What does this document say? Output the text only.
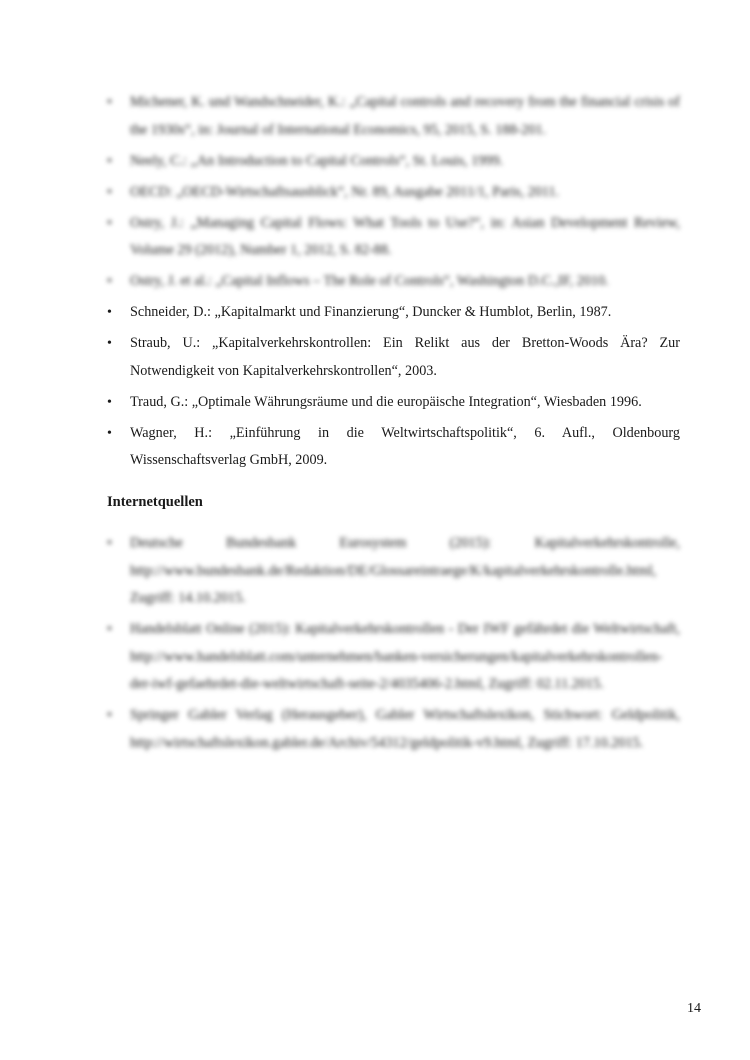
• Michener, K. und Wandschneider, K.: „Capital controls and recovery from the financial crisis of the 1930s“, in: Journal of International Economics, 95, 2015, S. 188-201.
• Neely, C.: „An Introduction to Capital Controls“, St. Louis, 1999.
• OECD: „OECD-Wirtschaftsausblick“, Nr. 89, Ausgabe 2011/1, Paris, 2011.
• Ostry, J.: „Managing Capital Flows: What Tools to Use?“, in: Asian Development Review, Volume 29 (2012), Number 1, 2012, S. 82-88.
• Ostry, J. et al.: „Capital Inflows – The Role of Controls“, Washington D.C.,IF, 2010.
• Schneider, D.: „Kapitalmarkt und Finanzierung“, Duncker & Humblot, Berlin, 1987.
• Straub, U.: „Kapitalverkehrskontrollen: Ein Relikt aus der Bretton-Woods Ära? Zur Notwendigkeit von Kapitalverkehrskontrollen“, 2003.
• Traud, G.: „Optimale Währungsräume und die europäische Integration“, Wiesbaden 1996.
• Wagner, H.: „Einführung in die Weltwirtschaftspolitik“, 6. Aufl., Oldenbourg Wissenschaftsverlag GmbH, 2009.
Internetquellen
• Deutsche Bundesbank Eurosystem (2015): Kapitalverkehrskontrolle, http://www.bundesbank.de/Redaktion/DE/Glossareintraege/K/kapitalverkehrskontrolle.html, Zugriff: 14.10.2015.
• Handelsblatt Online (2015): Kapitalverkehrskontrollen - Der IWF gefährdet die Weltwirtschaft, http://www.handelsblatt.com/unternehmen/banken-versicherungen/kapitalverkehrskontrollen-der-iwf-gefaehrdet-die-weltwirtschaft-seite-2/4035406-2.html, Zugriff: 02.11.2015.
• Springer Gabler Verlag (Herausgeber), Gabler Wirtschaftslexikon, Stichwort: Geldpolitik, http://wirtschaftslexikon.gabler.de/Archiv/54312/geldpolitik-v9.html, Zugriff: 17.10.2015.
14
